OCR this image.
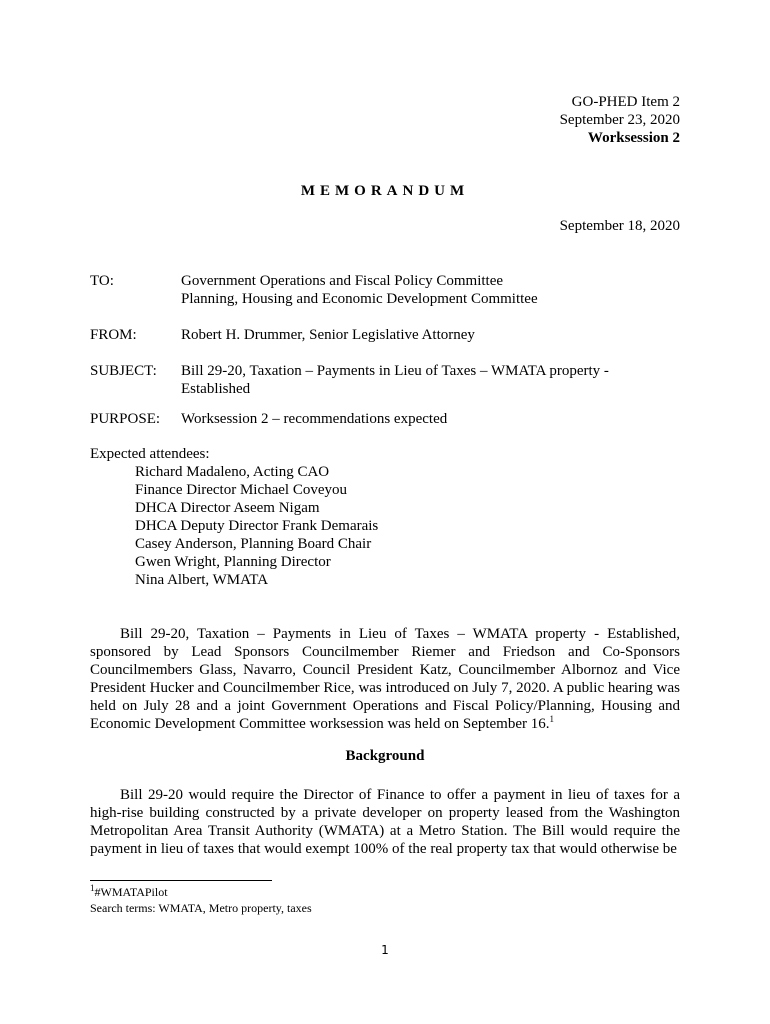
GO-PHED Item 2
September 23, 2020
Worksession 2
MEMORANDUM
September 18, 2020
TO:	Government Operations and Fiscal Policy Committee
Planning, Housing and Economic Development Committee
FROM:	Robert H. Drummer, Senior Legislative Attorney
SUBJECT:	Bill 29-20, Taxation – Payments in Lieu of Taxes – WMATA property - Established
PURPOSE:	Worksession 2 – recommendations expected
Expected attendees:
Richard Madaleno, Acting CAO
Finance Director Michael Coveyou
DHCA Director Aseem Nigam
DHCA Deputy Director Frank Demarais
Casey Anderson, Planning Board Chair
Gwen Wright, Planning Director
Nina Albert, WMATA
Bill 29-20, Taxation – Payments in Lieu of Taxes – WMATA property - Established, sponsored by Lead Sponsors Councilmember Riemer and Friedson and Co-Sponsors Councilmembers Glass, Navarro, Council President Katz, Councilmember Albornoz and Vice President Hucker and Councilmember Rice, was introduced on July 7, 2020. A public hearing was held on July 28 and a joint Government Operations and Fiscal Policy/Planning, Housing and Economic Development Committee worksession was held on September 16.$^1$
Background
Bill 29-20 would require the Director of Finance to offer a payment in lieu of taxes for a high-rise building constructed by a private developer on property leased from the Washington Metropolitan Area Transit Authority (WMATA) at a Metro Station. The Bill would require the payment in lieu of taxes that would exempt 100% of the real property tax that would otherwise be
$^1$#WMATAPilot
Search terms: WMATA, Metro property, taxes
1
